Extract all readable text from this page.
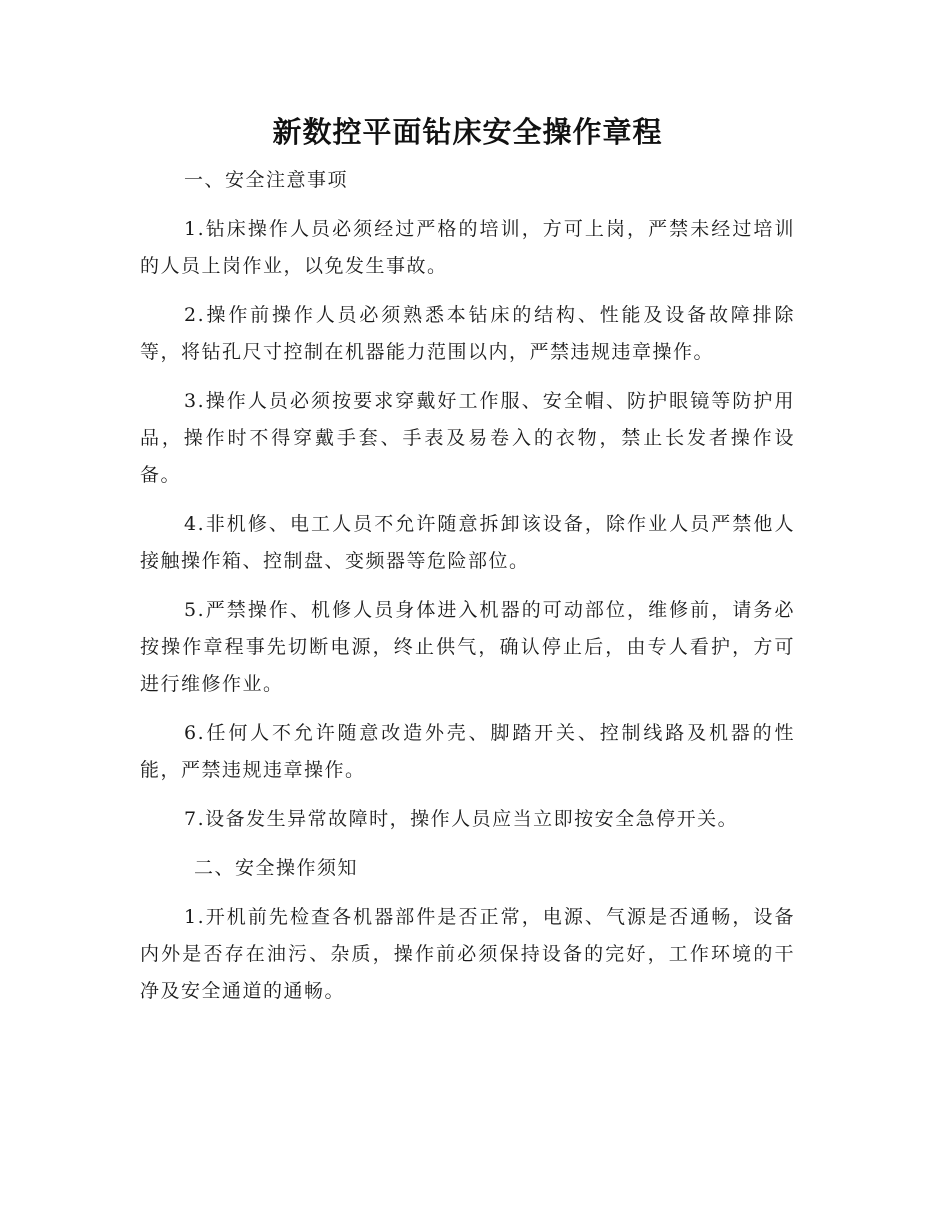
新数控平面钻床安全操作章程

一、安全注意事项

1.钻床操作人员必须经过严格的培训，方可上岗，严禁未经过培训的人员上岗作业，以免发生事故。

2.操作前操作人员必须熟悉本钻床的结构、性能及设备故障排除等，将钻孔尺寸控制在机器能力范围以内，严禁违规违章操作。

3.操作人员必须按要求穿戴好工作服、安全帽、防护眼镜等防护用品，操作时不得穿戴手套、手表及易卷入的衣物，禁止长发者操作设备。

4.非机修、电工人员不允许随意拆卸该设备，除作业人员严禁他人接触操作箱、控制盘、变频器等危险部位。

5.严禁操作、机修人员身体进入机器的可动部位，维修前，请务必按操作章程事先切断电源，终止供气，确认停止后，由专人看护，方可进行维修作业。

6.任何人不允许随意改造外壳、脚踏开关、控制线路及机器的性能，严禁违规违章操作。

7.设备发生异常故障时，操作人员应当立即按安全急停开关。

二、安全操作须知

1.开机前先检查各机器部件是否正常，电源、气源是否通畅，设备内外是否存在油污、杂质，操作前必须保持设备的完好，工作环境的干净及安全通道的通畅。
